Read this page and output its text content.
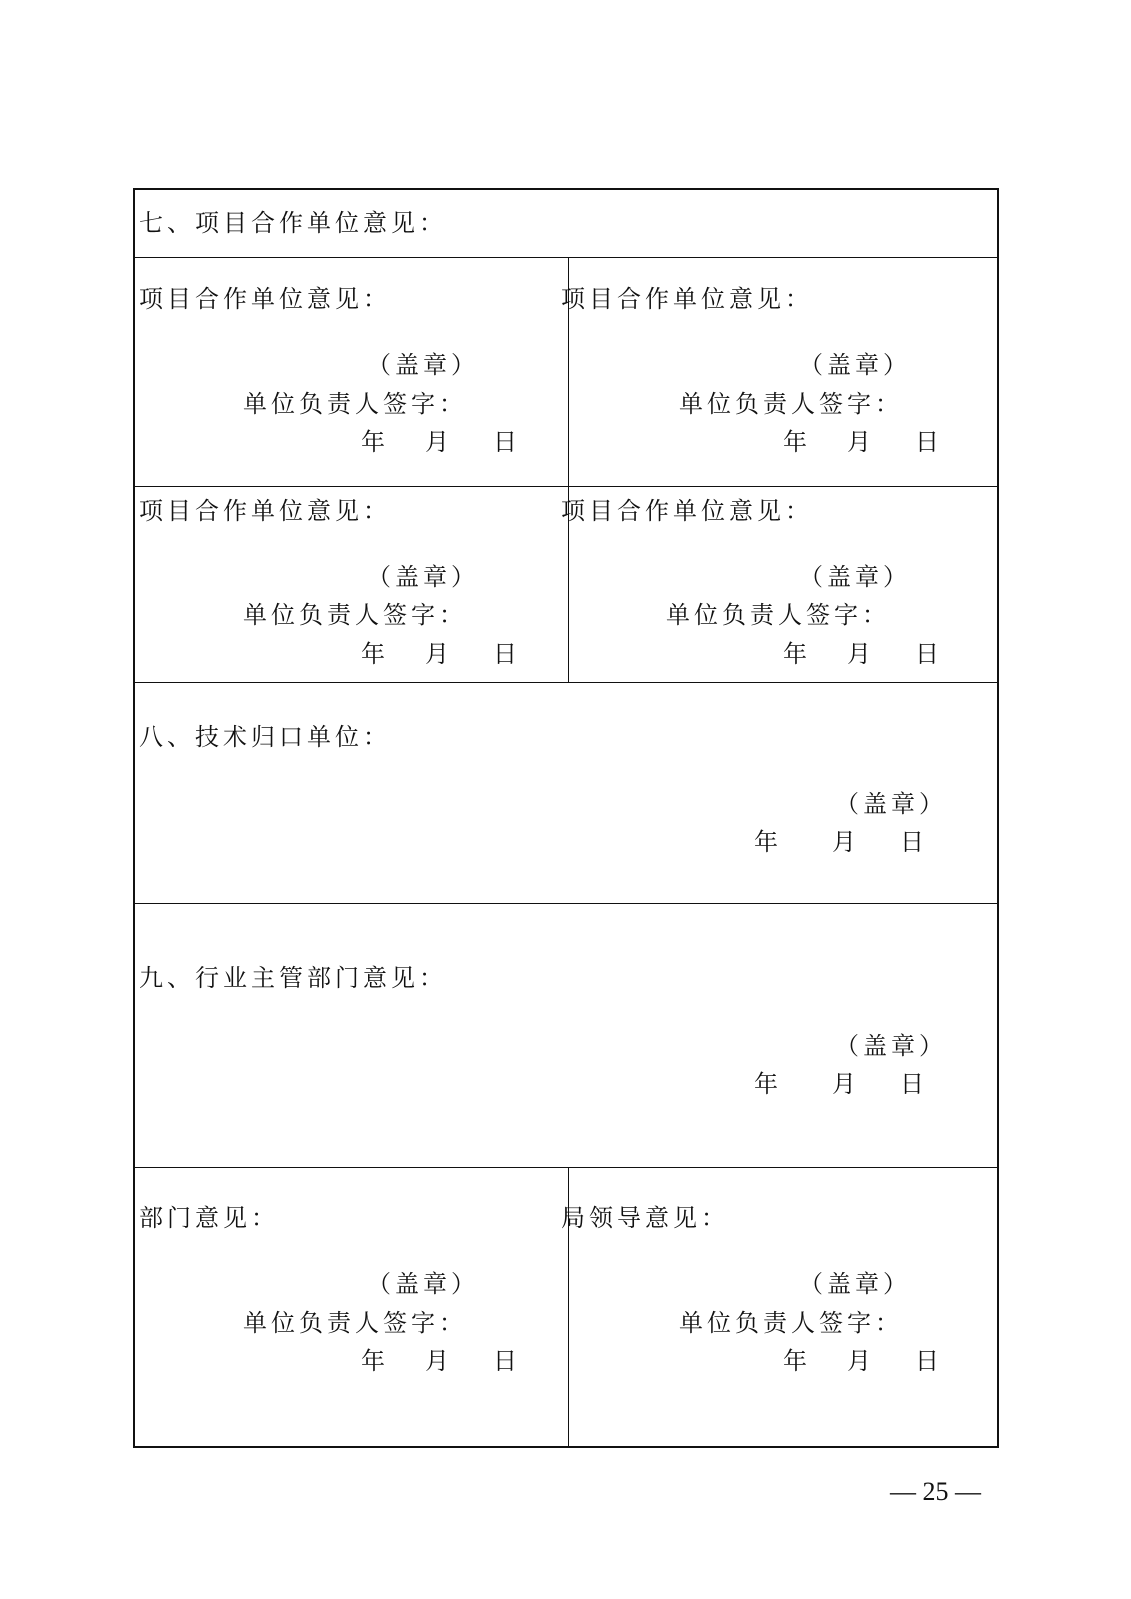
七、项目合作单位意见：
项目合作单位意见：
（盖章）
单位负责人签字：
年 月 日
项目合作单位意见：
（盖章）
单位负责人签字：
年 月 日
项目合作单位意见：
（盖章）
单位负责人签字：
年 月 日
项目合作单位意见：
（盖章）
单位负责人签字：
年 月 日
八、技术归口单位：
（盖章）
年 月 日
九、行业主管部门意见：
（盖章）
年 月 日
部门意见：
（盖章）
单位负责人签字：
年 月 日
局领导意见：
（盖章）
单位负责人签字：
年 月 日
— 25 —
